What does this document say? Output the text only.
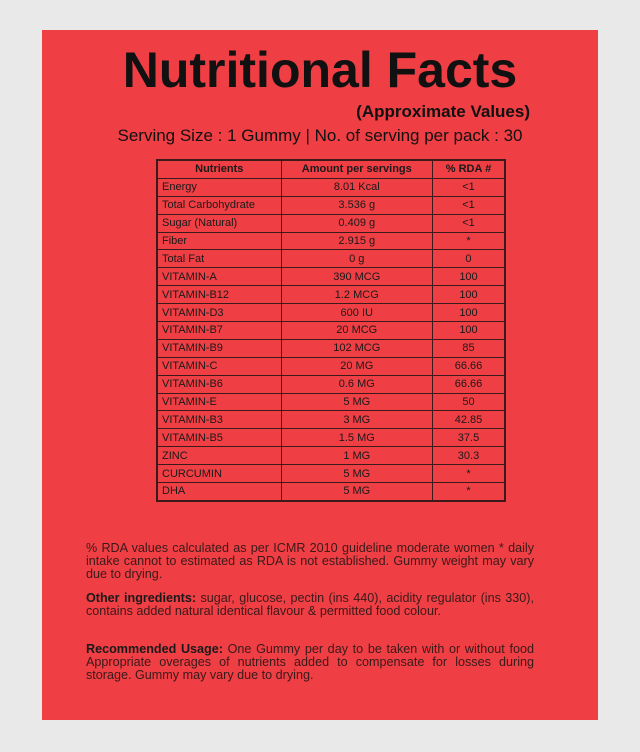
Nutritional Facts
(Approximate Values)
Serving Size : 1 Gummy | No. of serving per pack : 30
Nutrients	Amount per servings	% RDA #
Energy	8.01 Kcal	<1
Total Carbohydrate	3.536 g	<1
Sugar (Natural)	0.409 g	<1
Fiber	2.915 g	*
Total Fat	0 g	0
VITAMIN-A	390 MCG	100
VITAMIN-B12	1.2 MCG	100
VITAMIN-D3	600 IU	100
VITAMIN-B7	20 MCG	100
VITAMIN-B9	102 MCG	85
VITAMIN-C	20 MG	66.66
VITAMIN-B6	0.6 MG	66.66
VITAMIN-E	5 MG	50
VITAMIN-B3	3 MG	42.85
VITAMIN-B5	1.5 MG	37.5
ZINC	1 MG	30.3
CURCUMIN	5 MG	*
DHA	5 MG	*
% RDA values calculated as per ICMR 2010 guideline moderate women * daily intake cannot to estimated as RDA is not established. Gummy weight may vary due to drying.
Other ingredients: sugar, glucose, pectin (ins 440), acidity regulator (ins 330), contains added natural identical flavour & permitted food colour.
Recommended Usage: One Gummy per day to be taken with or without food Appropriate overages of nutrients added to compensate for losses during storage. Gummy may vary due to drying.
